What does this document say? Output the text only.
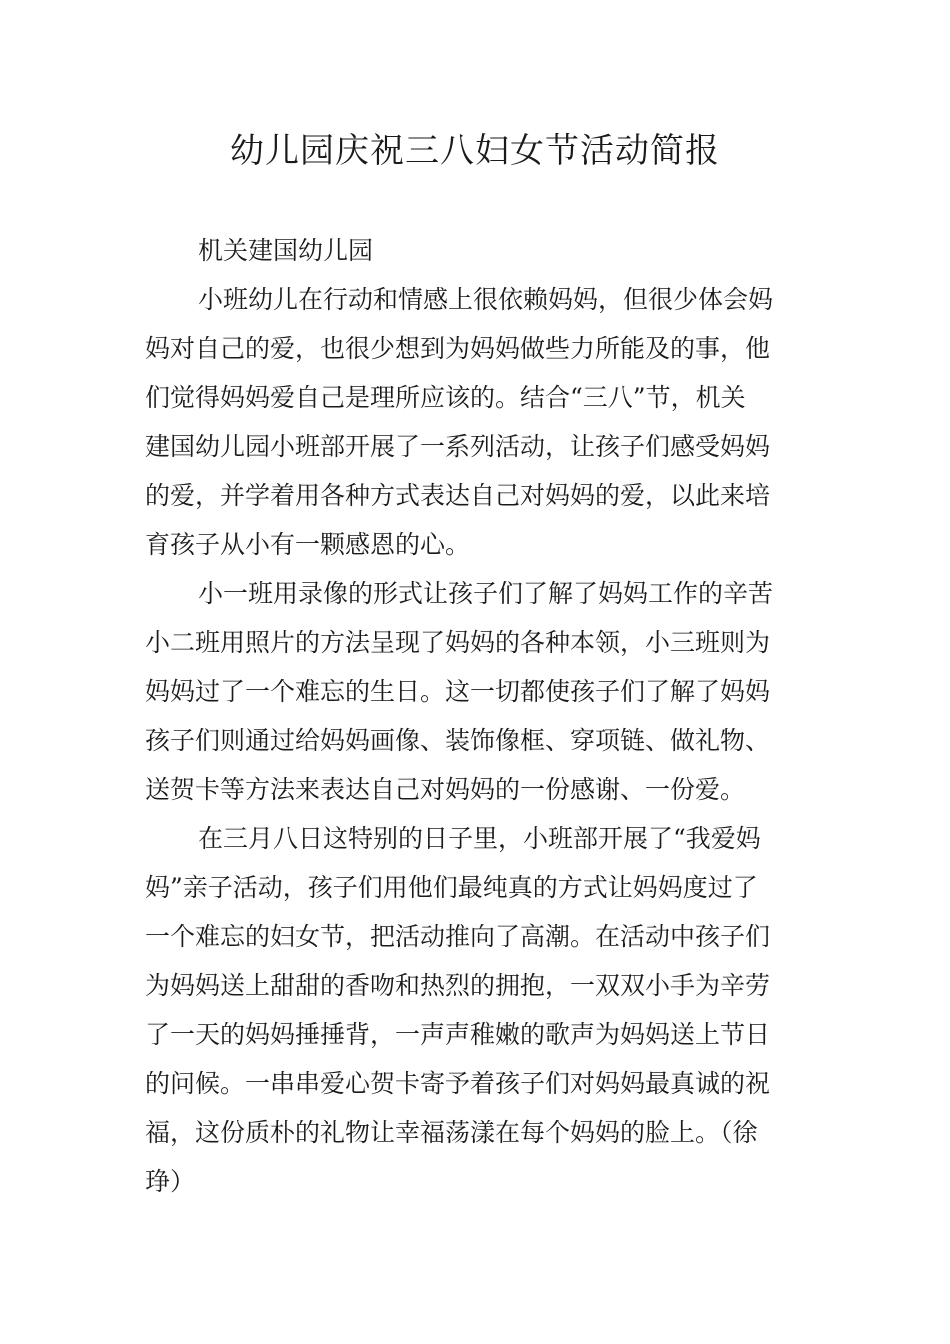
幼儿园庆祝三八妇女节活动简报
机关建国幼儿园
小班幼儿在行动和情感上很依赖妈妈，但很少体会妈
妈对自己的爱，也很少想到为妈妈做些力所能及的事，他
们觉得妈妈爱自己是理所应该的。结合“三八”节，机关
建国幼儿园小班部开展了一系列活动，让孩子们感受妈妈
的爱，并学着用各种方式表达自己对妈妈的爱，以此来培
育孩子从小有一颗感恩的心。
小一班用录像的形式让孩子们了解了妈妈工作的辛苦
小二班用照片的方法呈现了妈妈的各种本领，小三班则为
妈妈过了一个难忘的生日。这一切都使孩子们了解了妈妈
孩子们则通过给妈妈画像、装饰像框、穿项链、做礼物、
送贺卡等方法来表达自己对妈妈的一份感谢、一份爱。
在三月八日这特别的日子里，小班部开展了“我爱妈
妈”亲子活动，孩子们用他们最纯真的方式让妈妈度过了
一个难忘的妇女节，把活动推向了高潮。在活动中孩子们
为妈妈送上甜甜的香吻和热烈的拥抱，一双双小手为辛劳
了一天的妈妈捶捶背，一声声稚嫩的歌声为妈妈送上节日
的问候。一串串爱心贺卡寄予着孩子们对妈妈最真诚的祝
福，这份质朴的礼物让幸福荡漾在每个妈妈的脸上。（徐
琤）
